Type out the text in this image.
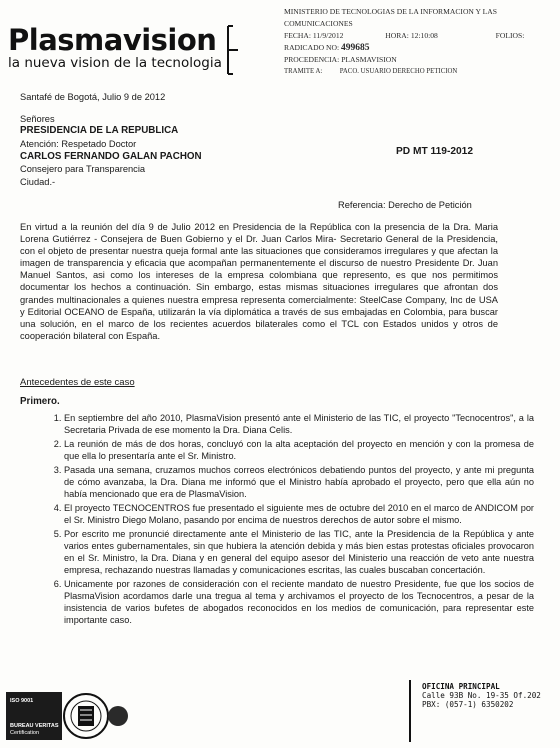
Plasmavision
la nueva vision de la tecnologia
MINISTERIO DE TECNOLOGIAS DE LA INFORMACION Y LAS COMUNICACIONES
FECHA: 11/9/2012	HORA: 12:10:08	FOLIOS:
RADICADO NO: 499685
PROCEDENCIA: PLASMAVISION
TRAMITE A:	PACO. USUARIO DERECHO PETICION
Santafé de Bogotá, Julio 9 de 2012
Señores
PRESIDENCIA DE LA REPUBLICA
Atención: Respetado Doctor
CARLOS FERNANDO GALAN PACHON
Consejero para Transparencia
Ciudad.-
PD MT 119-2012
Referencia: Derecho de Petición
En virtud a la reunión del día 9 de Julio 2012 en Presidencia de la República con la presencia de la Dra. Maria Lorena Gutiérrez - Consejera de Buen Gobierno y el Dr. Juan Carlos Mira- Secretario General de la Presidencia, con el objeto de presentar nuestra queja formal ante las situaciones que consideramos irregulares y que afectan la imagen de transparencia y eficacia que acompañan permanentemente el discurso de nuestro Presidente Dr. Juan Manuel Santos, asi como los intereses de la empresa colombiana que represento, es que nos permitimos documentar los hechos a continuación. Sin embargo, estas mismas situaciones irregulares que afrontan dos grandes multinacionales a quienes nuestra empresa representa comercialmente: SteelCase Company, Inc de USA y Editorial OCEANO de España, utilizarán la vía diplomática a través de sus embajadas en Colombia, para buscar una solución, en el marco de los recientes acuerdos bilaterales como el TCL con Estados unidos y otros de cooperación bilateral con España.
Antecedentes de este caso
Primero.
1. En septiembre del año 2010, PlasmaVision presentó ante el Ministerio de las TIC, el proyecto "Tecnocentros", a la Secretaria Privada de ese momento la Dra. Diana Celis.
2. La reunión de más de dos horas, concluyó con la alta aceptación del proyecto en mención y con la promesa de que ella lo presentaría ante el Sr. Ministro.
3. Pasada una semana, cruzamos muchos correos electrónicos debatiendo puntos del proyecto, y ante mi pregunta de cómo avanzaba, la Dra. Diana me informó que el Ministro había aprobado el proyecto, pero que ella aún no había mencionado que era de PlasmaVision.
4. El proyecto TECNOCENTROS fue presentado el siguiente mes de octubre del 2010 en el marco de ANDICOM por el Sr. Ministro Diego Molano, pasando por encima de nuestros derechos de autor sobre el mismo.
5. Por escrito me pronuncié directamente ante el Ministerio de las TIC, ante la Presidencia de la República y ante varios entes gubernamentales, sin que hubiera la atención debida y más bien estas protestas oficiales provocaron en el Sr. Ministro, la Dra. Diana y en general del equipo asesor del Ministerio una reacción de veto ante nuestra empresa, rechazando nuestras llamadas y comunicaciones escritas, las cuales buscaban concertación.
6. Unicamente por razones de consideración con el reciente mandato de nuestro Presidente, fue que los socios de PlasmaVision acordamos darle una tregua al tema y archivamos el proyecto de los Tecnocentros, a pesar de la insistencia de varios bufetes de abogados reconocidos en los medios de comunicación, para representar este importante caso.
ISO 9001
BUREAU VERITAS
Certification
OFICINA PRINCIPAL
Calle 93B No. 19-35 Of.202
PBX: (057-1) 6350202
